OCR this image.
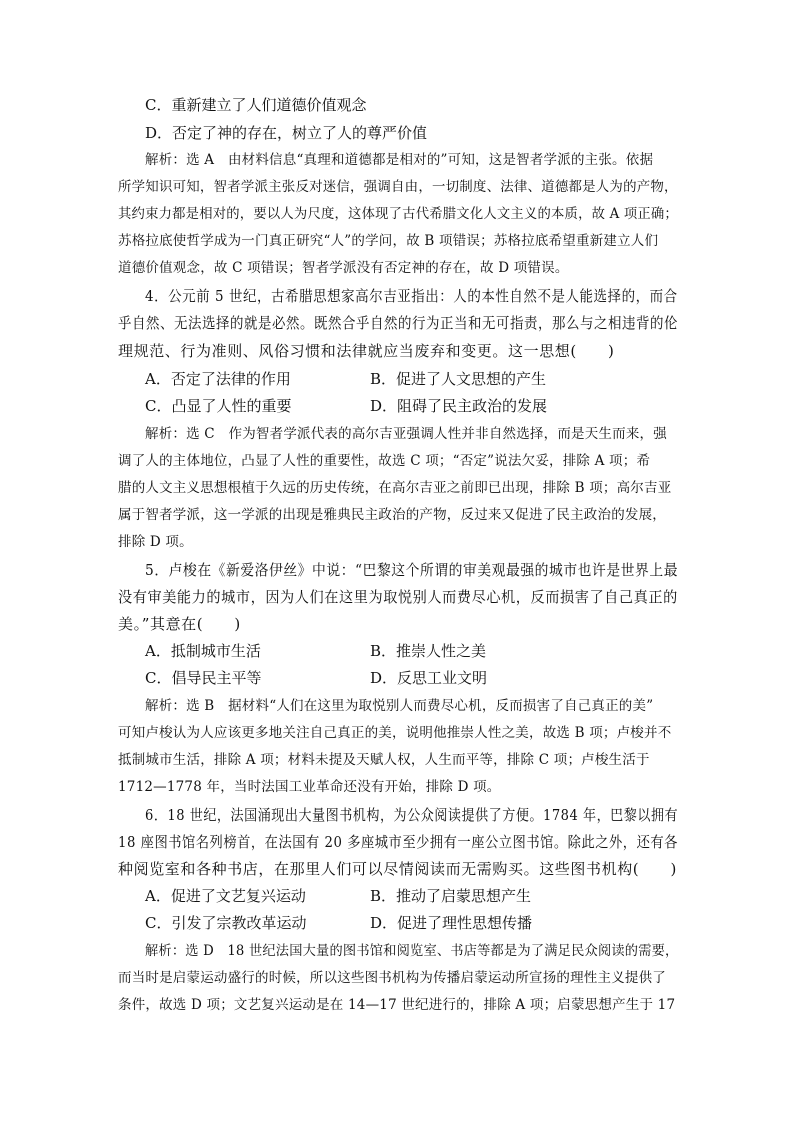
C．重新建立了人们道德价值观念
D．否定了神的存在，树立了人的尊严价值
解析：选 A　由材料信息“真理和道德都是相对的”可知，这是智者学派的主张。依据
所学知识可知，智者学派主张反对迷信，强调自由，一切制度、法律、道德都是人为的产物，
其约束力都是相对的，要以人为尺度，这体现了古代希腊文化人文主义的本质，故 A 项正确；
苏格拉底使哲学成为一门真正研究“人”的学问，故 B 项错误；苏格拉底希望重新建立人们
道德价值观念，故 C 项错误；智者学派没有否定神的存在，故 D 项错误。
4．公元前 5 世纪，古希腊思想家高尔吉亚指出：人的本性自然不是人能选择的，而合
乎自然、无法选择的就是必然。既然合乎自然的行为正当和无可指责，那么与之相违背的伦
理规范、行为准则、风俗习惯和法律就应当废弃和变更。这一思想(　　)
A．否定了法律的作用	B．促进了人文思想的产生
C．凸显了人性的重要	D．阻碍了民主政治的发展
解析：选 C　作为智者学派代表的高尔吉亚强调人性并非自然选择，而是天生而来，强
调了人的主体地位，凸显了人性的重要性，故选 C 项；“否定”说法欠妥，排除 A 项；希
腊的人文主义思想根植于久远的历史传统，在高尔吉亚之前即已出现，排除 B 项；高尔吉亚
属于智者学派，这一学派的出现是雅典民主政治的产物，反过来又促进了民主政治的发展，
排除 D 项。
5．卢梭在《新爱洛伊丝》中说：“巴黎这个所谓的审美观最强的城市也许是世界上最
没有审美能力的城市，因为人们在这里为取悦别人而费尽心机，反而损害了自己真正的
美。”其意在(　　)
A．抵制城市生活	B．推崇人性之美
C．倡导民主平等	D．反思工业文明
解析：选 B　据材料“人们在这里为取悦别人而费尽心机，反而损害了自己真正的美”
可知卢梭认为人应该更多地关注自己真正的美，说明他推崇人性之美，故选 B 项；卢梭并不
抵制城市生活，排除 A 项；材料未提及天赋人权，人生而平等，排除 C 项；卢梭生活于
1712—1778 年，当时法国工业革命还没有开始，排除 D 项。
6．18 世纪，法国涌现出大量图书机构，为公众阅读提供了方便。1784 年，巴黎以拥有
18 座图书馆名列榜首，在法国有 20 多座城市至少拥有一座公立图书馆。除此之外，还有各
种阅览室和各种书店，在那里人们可以尽情阅读而无需购买。这些图书机构(　　)
A．促进了文艺复兴运动	B．推动了启蒙思想产生
C．引发了宗教改革运动	D．促进了理性思想传播
解析：选 D　18 世纪法国大量的图书馆和阅览室、书店等都是为了满足民众阅读的需要，
而当时是启蒙运动盛行的时候，所以这些图书机构为传播启蒙运动所宣扬的理性主义提供了
条件，故选 D 项；文艺复兴运动是在 14—17 世纪进行的，排除 A 项；启蒙思想产生于 17
